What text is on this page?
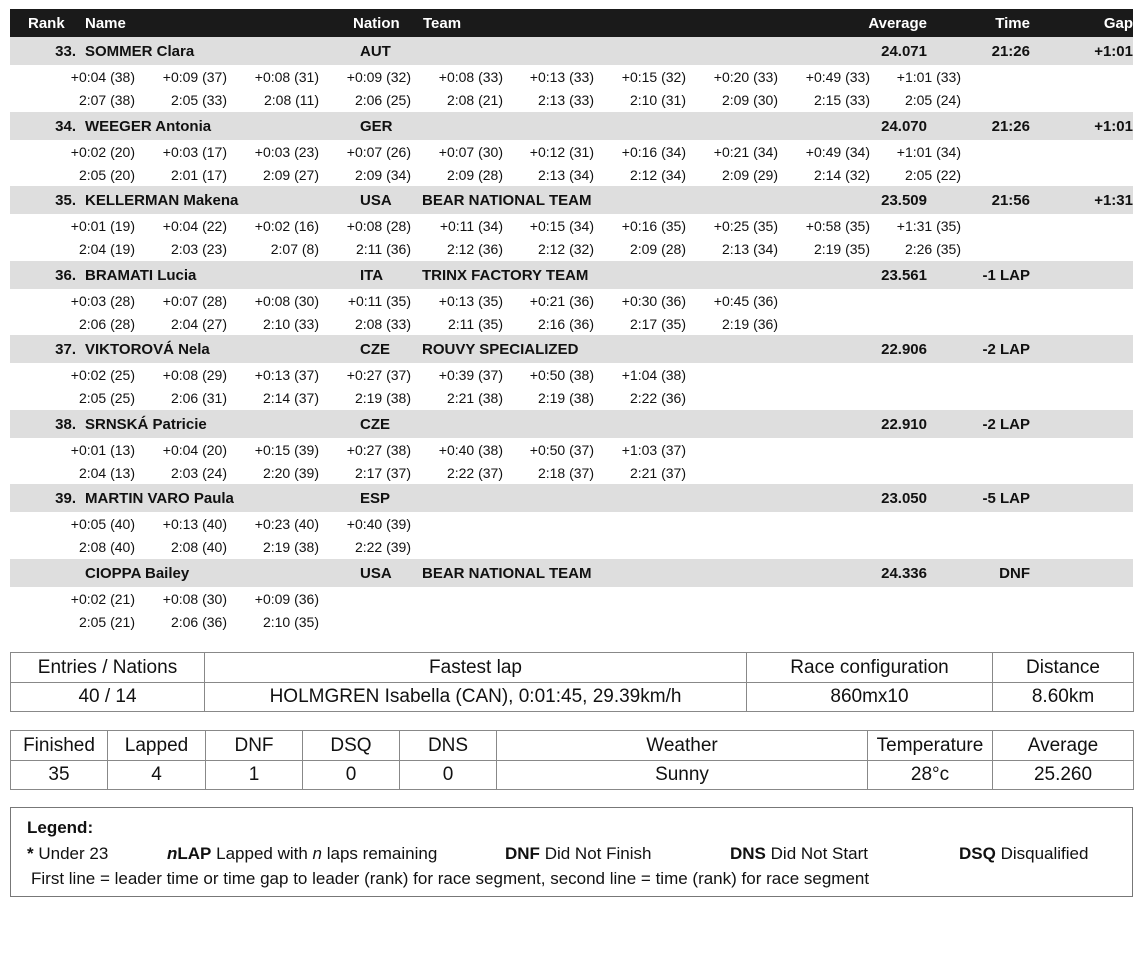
Rank Name	Nation Team	Average	Time	Gap
33. SOMMER Clara	AUT	24.071	21:26	+1:01
+0:04 (38) +0:09 (37) +0:08 (31) +0:09 (32) +0:08 (33) +0:13 (33) +0:15 (32) +0:20 (33) +0:49 (33) +1:01 (33)
2:07 (38)	2:05 (33)	2:08 (11)	2:06 (25)	2:08 (21) 2:13 (33)	2:10 (31)	2:09 (30)	2:15 (33) 2:05 (24)
34. WEEGER Antonia	GER	24.070	21:26	+1:01
+0:02 (20) +0:03 (17) +0:03 (23) +0:07 (26) +0:07 (30) +0:12 (31) +0:16 (34) +0:21 (34) +0:49 (34) +1:01 (34)
2:05 (20)	2:01 (17)	2:09 (27)	2:09 (34)	2:09 (28) 2:13 (34)	2:12 (34)	2:09 (29)	2:14 (32) 2:05 (22)
35. KELLERMAN Makena	USA BEAR NATIONAL TEAM	23.509	21:56	+1:31
+0:01 (19) +0:04 (22) +0:02 (16) +0:08 (28) +0:11 (34) +0:15 (34) +0:16 (35) +0:25 (35) +0:58 (35) +1:31 (35)
2:04 (19)	2:03 (23)	2:07 (8)	2:11 (36)	2:12 (36) 2:12 (32)	2:09 (28)	2:13 (34)	2:19 (35) 2:26 (35)
36. BRAMATI Lucia	ITA	TRINX FACTORY TEAM	23.561	-1 LAP
+0:03 (28) +0:07 (28) +0:08 (30) +0:11 (35) +0:13 (35) +0:21 (36) +0:30 (36) +0:45 (36)
2:06 (28)	2:04 (27)	2:10 (33)	2:08 (33)	2:11 (35) 2:16 (36)	2:17 (35)	2:19 (36)
37. VIKTOROVÁ Nela	CZE ROUVY SPECIALIZED	22.906	-2 LAP
+0:02 (25) +0:08 (29) +0:13 (37) +0:27 (37) +0:39 (37) +0:50 (38) +1:04 (38)
2:05 (25)	2:06 (31)	2:14 (37)	2:19 (38)	2:21 (38) 2:19 (38)	2:22 (36)
38. SRNSKÁ Patricie	CZE	22.910	-2 LAP
+0:01 (13) +0:04 (20) +0:15 (39) +0:27 (38) +0:40 (38) +0:50 (37) +1:03 (37)
2:04 (13)	2:03 (24)	2:20 (39)	2:17 (37)	2:22 (37) 2:18 (37)	2:21 (37)
39. MARTIN VARO Paula	ESP	23.050	-5 LAP
+0:05 (40) +0:13 (40) +0:23 (40) +0:40 (39)
2:08 (40)	2:08 (40)	2:19 (38)	2:22 (39)
CIOPPA Bailey	USA BEAR NATIONAL TEAM	24.336	DNF
+0:02 (21) +0:08 (30) +0:09 (36)
2:05 (21)	2:06 (36)	2:10 (35)
Entries / Nations	Fastest lap	Race configuration	Distance
40 / 14	HOLMGREN Isabella (CAN), 0:01:45, 29.39km/h	860mx10	8.60km
Finished	Lapped	DNF	DSQ	DNS	Weather	Temperature	Average
35	4	1	0	0	Sunny	28°c	25.260
Legend:
* Under 23	nLAP Lapped with n laps remaining	DNF Did Not Finish	DNS Did Not Start	DSQ Disqualified
First line = leader time or time gap to leader (rank) for race segment, second line = time (rank) for race segment
